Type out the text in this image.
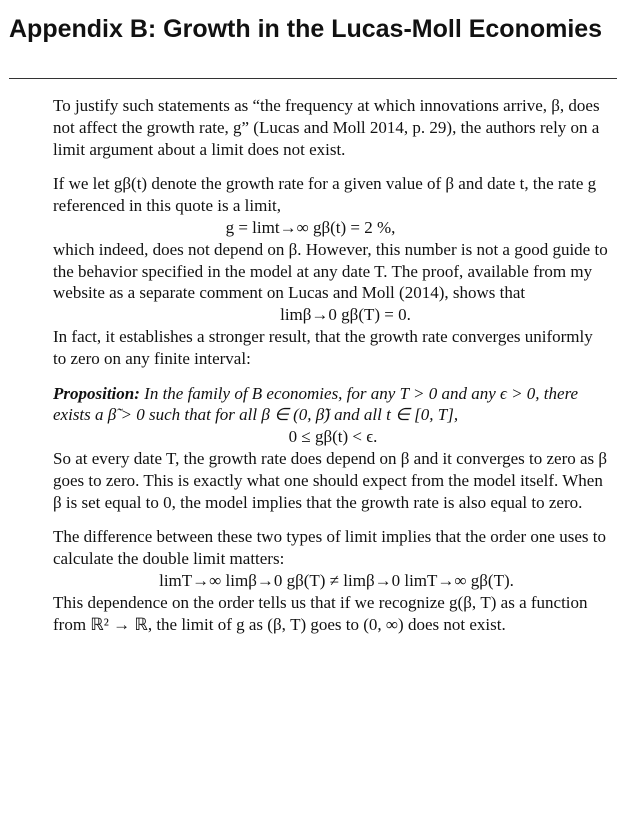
Appendix B: Growth in the Lucas-Moll Economies

To justify such statements as “the frequency at which innovations arrive, β, does not affect the growth rate, g” (Lucas and Moll 2014, p. 29), the authors rely on a limit argument about a limit does not exist.

If we let gβ(t) denote the growth rate for a given value of β and date t, the rate g referenced in this quote is a limit,

g = limt→∞ gβ(t) = 2 %,

which indeed, does not depend on β. However, this number is not a good guide to the behavior specified in the model at any date T. The proof, available from my website as a separate comment on Lucas and Moll (2014), shows that

limβ→0 gβ(T) = 0.

In fact, it establishes a stronger result, that the growth rate converges uniformly to zero on any finite interval:

Proposition: In the family of B economies, for any T > 0 and any ϵ > 0, there exists a β̃ > 0 such that for all β ∈ (0, β̃) and all t ∈ [0, T],

0 ≤ gβ(t) < ϵ.

So at every date T, the growth rate does depend on β and it converges to zero as β goes to zero. This is exactly what one should expect from the model itself. When β is set equal to 0, the model implies that the growth rate is also equal to zero.

The difference between these two types of limit implies that the order one uses to calculate the double limit matters:

limT→∞ limβ→0 gβ(T) ≠ limβ→0 limT→∞ gβ(T).

This dependence on the order tells us that if we recognize g(β, T) as a function from ℝ² → ℝ, the limit of g as (β, T) goes to (0, ∞) does not exist.
